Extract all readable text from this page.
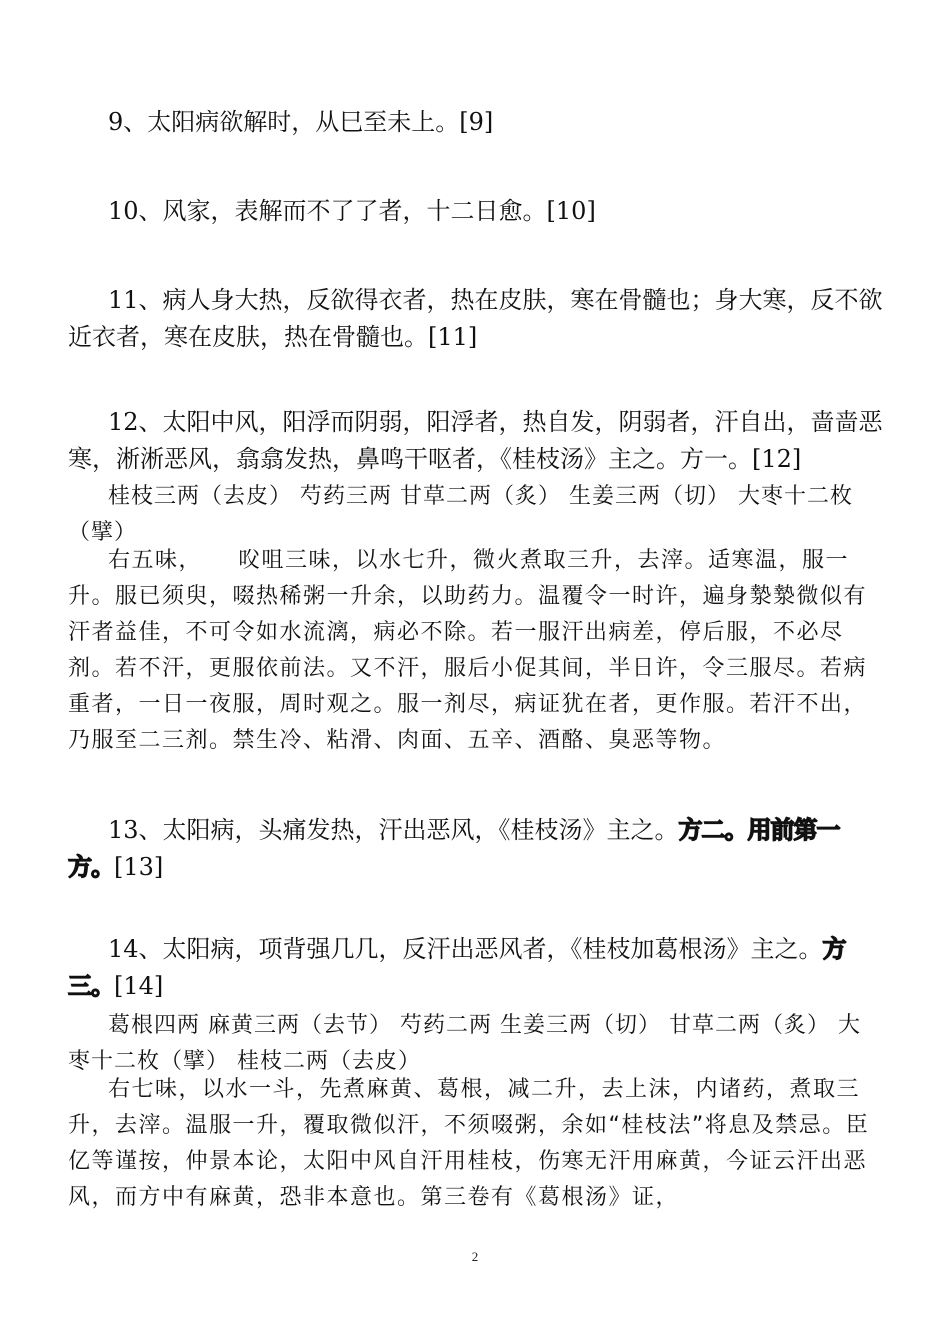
9、太阳病欲解时，从巳至未上。[9]

10、风家，表解而不了了者，十二日愈。[10]

11、病人身大热，反欲得衣者，热在皮肤，寒在骨髓也；身大寒，反不欲近衣者，寒在皮肤，热在骨髓也。[11]

12、太阳中风，阳浮而阴弱，阳浮者，热自发，阴弱者，汗自出，啬啬恶寒，淅淅恶风，翕翕发热，鼻鸣干呕者，《桂枝汤》主之。方一。[12]

桂枝三两（去皮） 芍药三两 甘草二两（炙） 生姜三两（切） 大枣十二枚（擘）

右五味，　　㕮咀三味，以水七升，微火煮取三升，去滓。适寒温，服一升。服已须臾，啜热稀粥一升余，以助药力。温覆令一时许，遍身漐漐微似有汗者益佳，不可令如水流漓，病必不除。若一服汗出病差，停后服，不必尽剂。若不汗，更服依前法。又不汗，服后小促其间，半日许，令三服尽。若病重者，一日一夜服，周时观之。服一剂尽，病证犹在者，更作服。若汗不出，乃服至二三剂。禁生冷、粘滑、肉面、五辛、酒酪、臭恶等物。

13、太阳病，头痛发热，汗出恶风，《桂枝汤》主之。方二。用前第一方。[13]

14、太阳病，项背强几几，反汗出恶风者，《桂枝加葛根汤》主之。方三。[14]

葛根四两 麻黄三两（去节） 芍药二两 生姜三两（切） 甘草二两（炙） 大枣十二枚（擘） 桂枝二两（去皮）

右七味，以水一斗，先煮麻黄、葛根，减二升，去上沫，内诸药，煮取三升，去滓。温服一升，覆取微似汗，不须啜粥，余如“桂枝法”将息及禁忌。臣亿等谨按，仲景本论，太阳中风自汗用桂枝，伤寒无汗用麻黄，今证云汗出恶风，而方中有麻黄，恐非本意也。第三卷有《葛根汤》证，

2
